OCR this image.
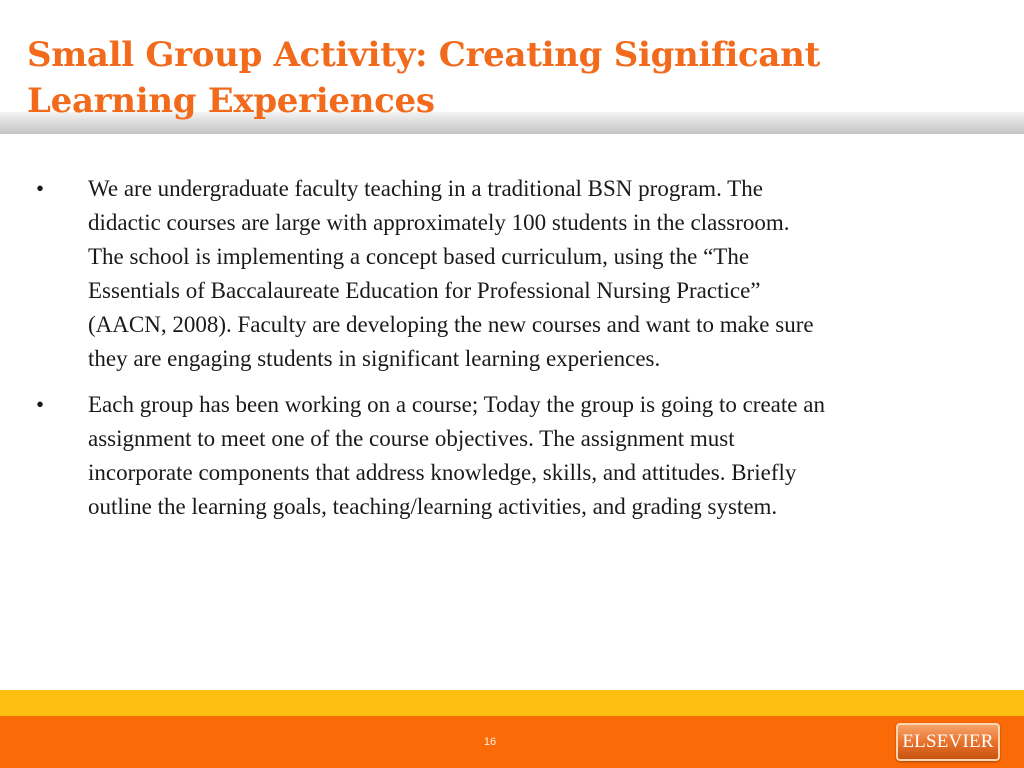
Small Group Activity: Creating Significant
Learning Experiences
• We are undergraduate faculty teaching in a traditional BSN program. The
didactic courses are large with approximately 100 students in the classroom.
The school is implementing a concept based curriculum, using the “The
Essentials of Baccalaureate Education for Professional Nursing Practice”
(AACN, 2008). Faculty are developing the new courses and want to make sure
they are engaging students in significant learning experiences.
• Each group has been working on a course; Today the group is going to create an
assignment to meet one of the course objectives. The assignment must
incorporate components that address knowledge, skills, and attitudes. Briefly
outline the learning goals, teaching/learning activities, and grading system.
16	ELSEVIER
